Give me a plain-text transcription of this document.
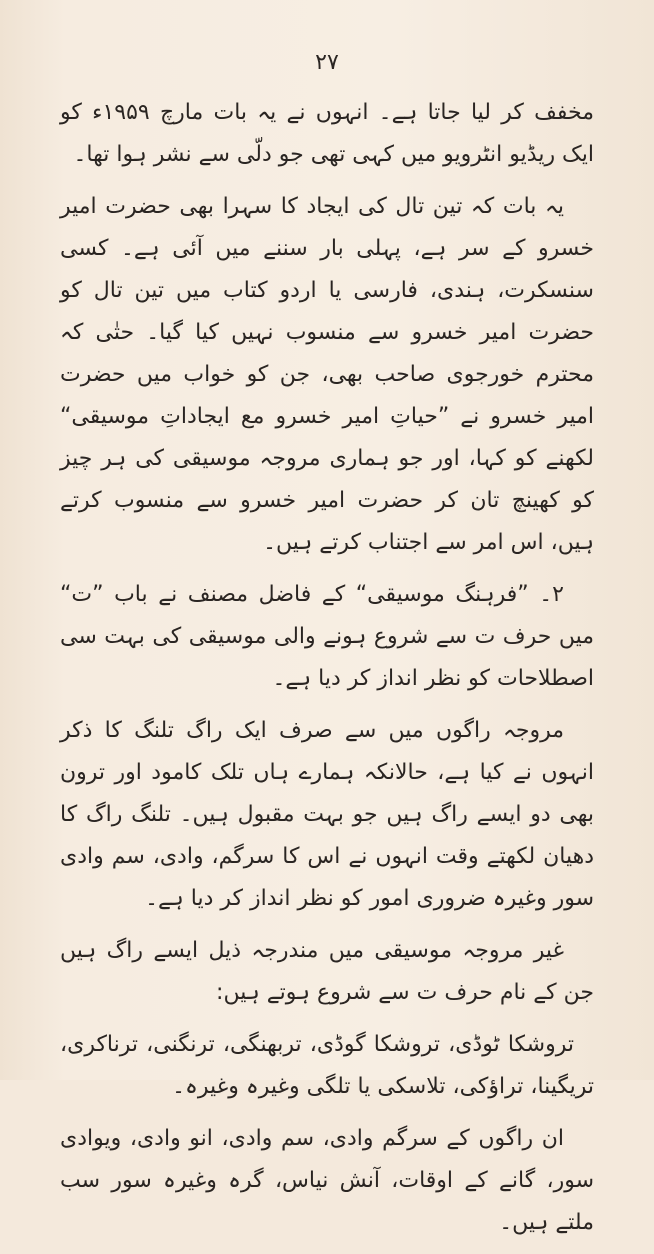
۲۷

مخفف کر لیا جاتا ہے۔ انہوں نے یہ بات مارچ ۱۹۵۹ء کو ایک ریڈیو انٹرویو میں کہی تھی جو دلّی سے نشر ہوا تھا۔

یہ بات کہ تین تال کی ایجاد کا سہرا بھی حضرت امیر خسرو کے سر ہے، پہلی بار سننے میں آئی ہے۔ کسی سنسکرت، ہندی، فارسی یا اردو کتاب میں تین تال کو حضرت امیر خسرو سے منسوب نہیں کیا گیا۔ حتٰی کہ محترم خورجوی صاحب بھی، جن کو خواب میں حضرت امیر خسرو نے ”حیاتِ امیر خسرو مع ایجاداتِ موسیقی“ لکھنے کو کہا، اور جو ہماری مروجہ موسیقی کی ہر چیز کو کھینچ تان کر حضرت امیر خسرو سے منسوب کرتے ہیں، اس امر سے اجتناب کرتے ہیں۔

۲۔ ”فرہنگ موسیقی“ کے فاضل مصنف نے باب ”ت“ میں حرف ت سے شروع ہونے والی موسیقی کی بہت سی اصطلاحات کو نظر انداز کر دیا ہے۔

مروجہ راگوں میں سے صرف ایک راگ تلنگ کا ذکر انہوں نے کیا ہے، حالانکہ ہمارے ہاں تلک کامود اور ترون بھی دو ایسے راگ ہیں جو بہت مقبول ہیں۔ تلنگ راگ کا دھیان لکھتے وقت انہوں نے اس کا سرگم، وادی، سم وادی سور وغیرہ ضروری امور کو نظر انداز کر دیا ہے۔

غیر مروجہ موسیقی میں مندرجہ ذیل ایسے راگ ہیں جن کے نام حرف ت سے شروع ہوتے ہیں:

تروشکا ٹوڈی، تروشکا گوڈی، تربھنگی، ترنگنی، ترناکری، تریگینا، تراؤکی، تلاسکی یا تلگی وغیرہ وغیرہ۔

ان راگوں کے سرگم وادی، سم وادی، انو وادی، ویوادی سور، گانے کے اوقات، آنش نیاس، گرہ وغیرہ سور سب ملتے ہیں۔
